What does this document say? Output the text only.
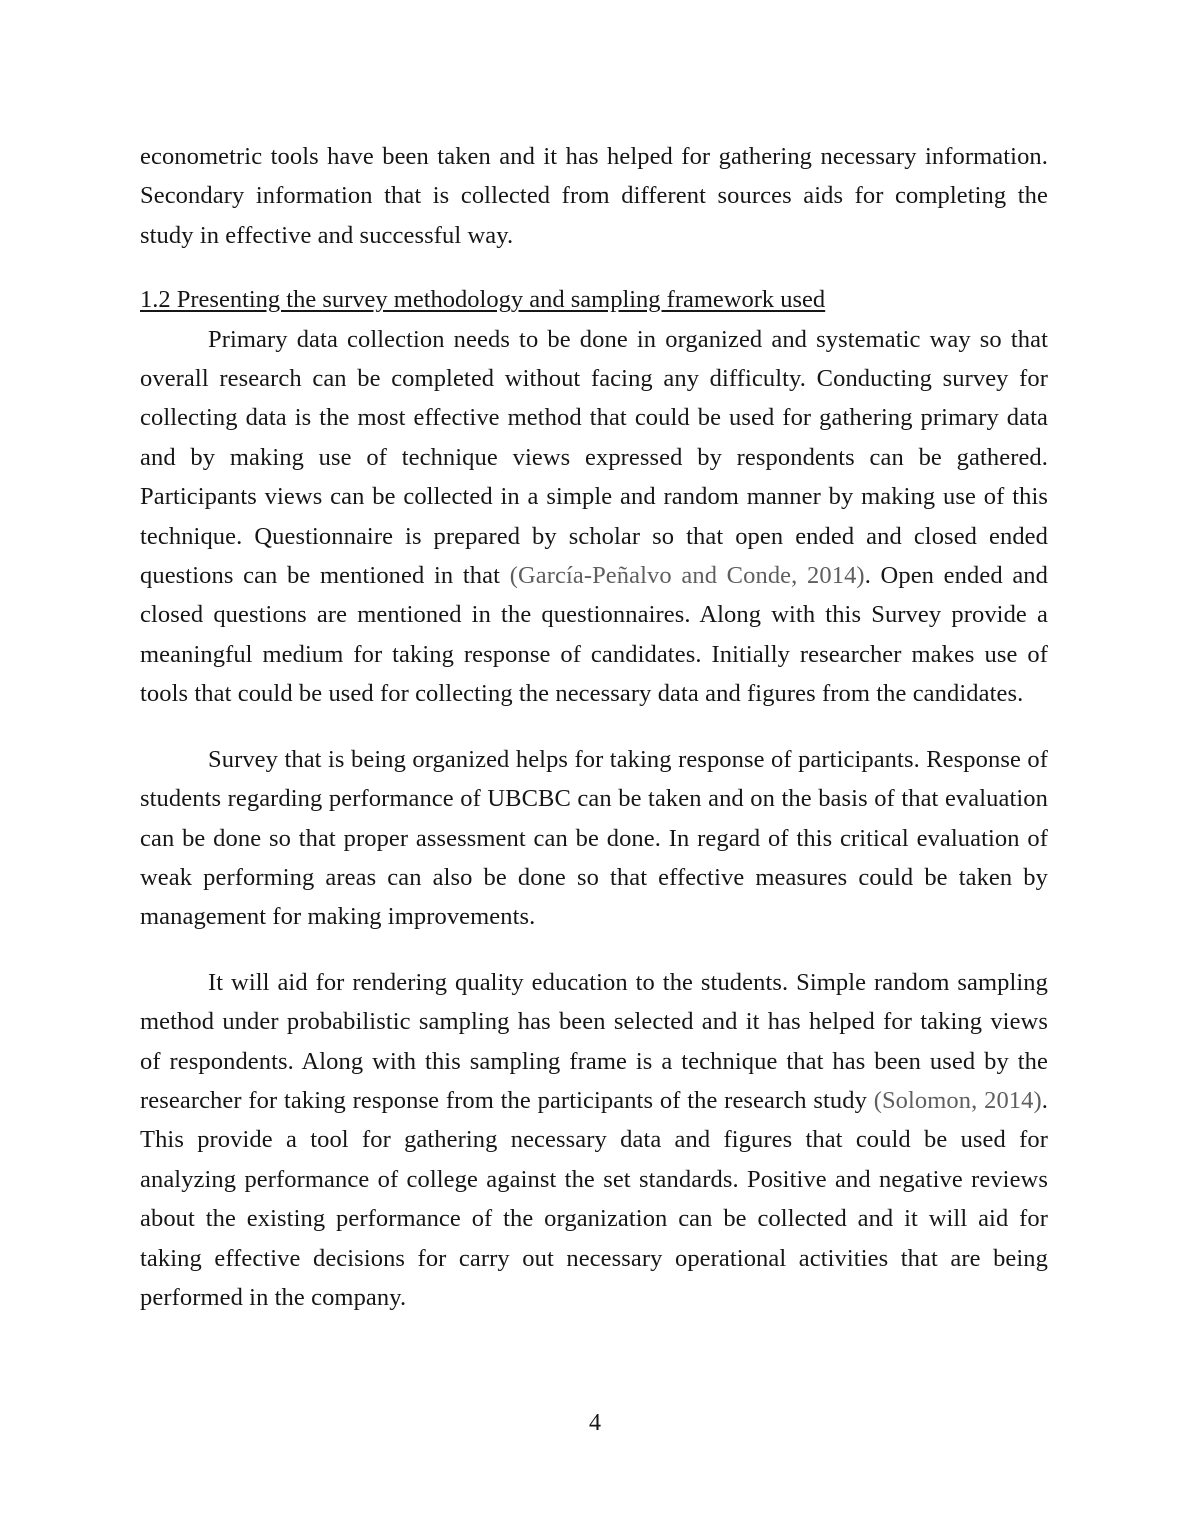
econometric tools have been taken and it has helped for gathering necessary information. Secondary information that is collected from different sources aids for completing the study in effective and successful way.

1.2 Presenting the survey methodology and sampling framework used

Primary data collection needs to be done in organized and systematic way so that overall research can be completed without facing any difficulty. Conducting survey for collecting data is the most effective method that could be used for gathering primary data and by making use of technique views expressed by respondents can be gathered. Participants views can be collected in a simple and random manner by making use of this technique. Questionnaire is prepared by scholar so that open ended and closed ended questions can be mentioned in that (García-Peñalvo and Conde, 2014). Open ended and closed questions are mentioned in the questionnaires. Along with this Survey provide a meaningful medium for taking response of candidates. Initially researcher makes use of tools that could be used for collecting the necessary data and figures from the candidates.

Survey that is being organized helps for taking response of participants. Response of students regarding performance of UBCBC can be taken and on the basis of that evaluation can be done so that proper assessment can be done. In regard of this critical evaluation of weak performing areas can also be done so that effective measures could be taken by management for making improvements.

It will aid for rendering quality education to the students. Simple random sampling method under probabilistic sampling has been selected and it has helped for taking views of respondents. Along with this sampling frame is a technique that has been used by the researcher for taking response from the participants of the research study (Solomon, 2014). This provide a tool for gathering necessary data and figures that could be used for analyzing performance of college against the set standards. Positive and negative reviews about the existing performance of the organization can be collected and it will aid for taking effective decisions for carry out necessary operational activities that are being performed in the company.

4
